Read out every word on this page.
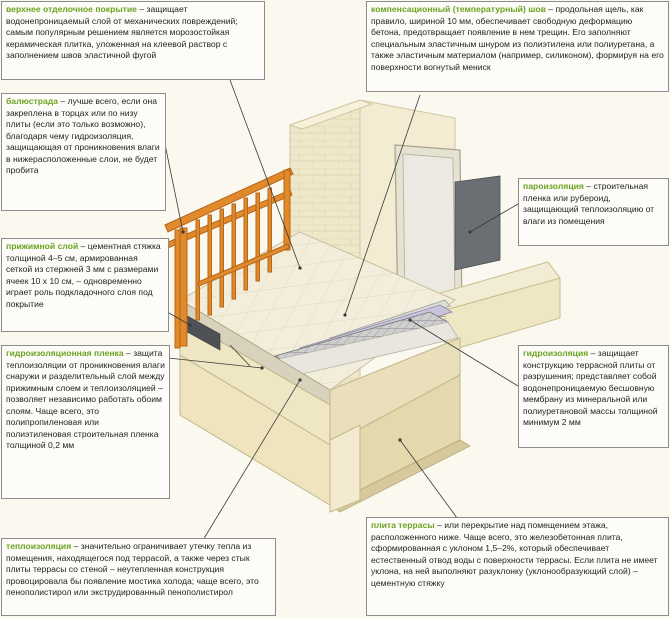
верхнее отделочное покрытие – защищает водонепроницаемый слой от механических повреждений; самым популярным решением является морозостойкая керамическая плитка, уложенная на клеевой раствор с заполнением швов эластичной фугой
компенсационный (температурный) шов – продольная щель, как правило, шириной 10 мм, обеспечивает свободную деформацию бетона, предотвращает появление в нем трещин. Его заполняют специальным эластичным шнуром из полиэтилена или полиуретана, а также эластичным материалом (например, силиконом), формируя на его поверхности вогнутый мениск
балюстрада – лучше всего, если она закреплена в торцах или по низу плиты (если это только возможно), благодаря чему гидроизоляция, защищающая от проникновения влаги в нижерасположенные слои, не будет пробита
пароизоляция – строительная пленка или рубероид, защищающий теплоизоляцию от влаги из помещения
прижимной слой – цементная стяжка толщиной 4–5 см, армированная сеткой из стержней 3 мм с размерами ячеек 10 х 10 см, – одновременно играет роль подкладочного слоя под покрытие
гидроизоляционная пленка – защита теплоизоляции от проникновения влаги снаружи и разделительный слой между прижимным слоем и теплоизоляцией – позволяет независимо работать обоим слоям. Чаще всего, это полипропиленовая или полиэтиленовая строительная пленка толщиной 0,2 мм
гидроизоляция – защищает конструкцию террасной плиты от разрушения; представляет собой водонепроницаемую бесшовную мембрану из минеральной или полиуретановой массы толщиной минимум 2 мм
теплоизоляция – значительно ограничивает утечку тепла из помещения, находящегося под террасой, а также через стык плиты террасы со стеной – неутепленная конструкция провоцировала бы появление мостика холода; чаще всего, это пенополистирол или экструдированный пенополистирол
плита террасы – или перекрытие над помещением этажа, расположенного ниже. Чаще всего, это железобетонная плита, сформированная с уклоном 1,5–2%, который обеспечивает естественный отвод воды с поверхности террасы. Если плита не имеет уклона, на ней выполняют разуклонку (уклонообразующий слой) – цементную стяжку
